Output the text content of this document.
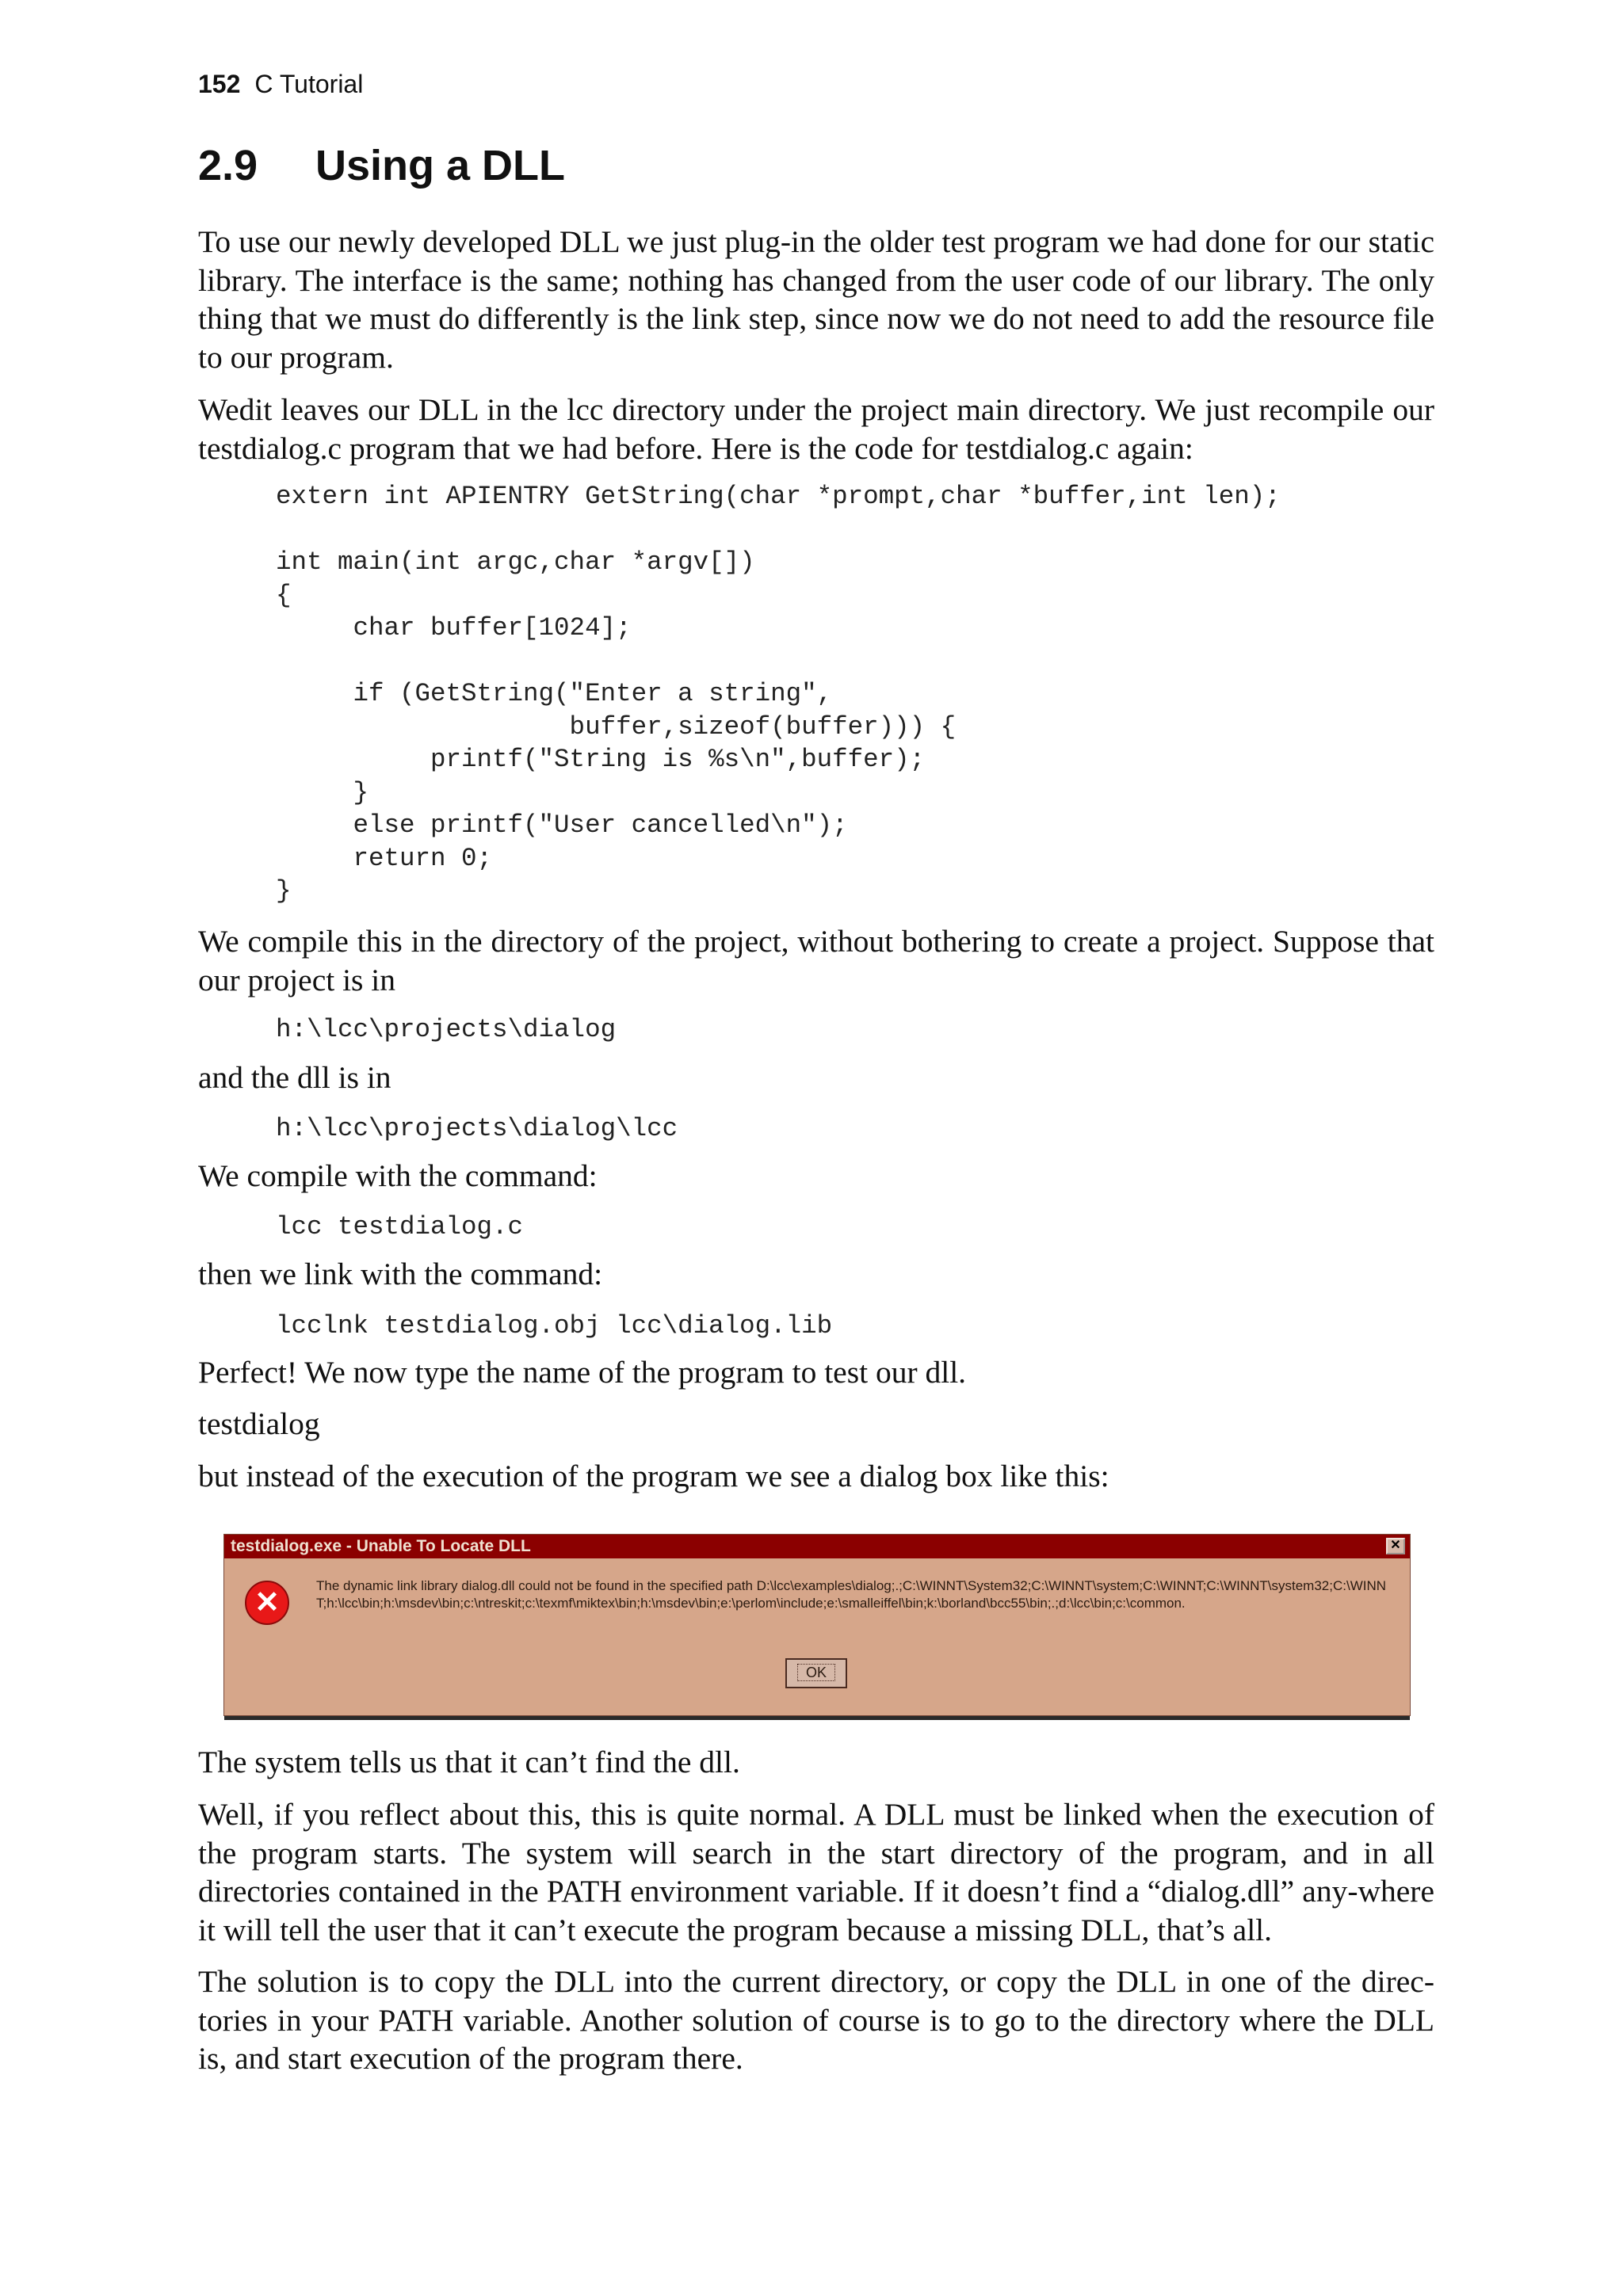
152 C Tutorial
2.9 Using a DLL

To use our newly developed DLL we just plug-in the older test program we had done for our static library. The interface is the same; nothing has changed from the user code of our library. The only thing that we must do differently is the link step, since now we do not need to add the resource file to our program.

Wedit leaves our DLL in the lcc directory under the project main directory. We just recompile our testdialog.c program that we had before. Here is the code for testdialog.c again:

extern int APIENTRY GetString(char *prompt,char *buffer,int len);

int main(int argc,char *argv[])
{
char buffer[1024];

if (GetString("Enter a string",
buffer,sizeof(buffer))) {
printf("String is %s\n",buffer);
}
else printf("User cancelled\n");
return 0;
}

We compile this in the directory of the project, without bothering to create a project. Suppose that our project is in

h:\lcc\projects\dialog

and the dll is in

h:\lcc\projects\dialog\lcc

We compile with the command:

lcc testdialog.c

then we link with the command:

lcclnk testdialog.obj lcc\dialog.lib

Perfect! We now type the name of the program to test our dll.

testdialog

but instead of the execution of the program we see a dialog box like this:

testdialog.exe - Unable To Locate DLL	✕
✕
The dynamic link library dialog.dll could not be found in the specified path D:\lcc\examples\dialog;.;C:\WINNT\System32;C:\WINNT\system;C:\WINNT;C:\WINNT\system32;C:\WINNT;h:\lcc\bin;h:\msdev\bin;c:\ntreskit;c:\texmf\miktex\bin;h:\msdev\bin;e:\perlom\include;e:\smalleiffel\bin;k:\borland\bcc55\bin;.;d:\lcc\bin;c:\common.
OK

The system tells us that it can’t find the dll.

Well, if you reflect about this, this is quite normal. A DLL must be linked when the execution of the program starts. The system will search in the start directory of the program, and in all directories contained in the PATH environment variable. If it doesn’t find a “dialog.dll” any-where it will tell the user that it can’t execute the program because a missing DLL, that’s all.

The solution is to copy the DLL into the current directory, or copy the DLL in one of the direc-tories in your PATH variable. Another solution of course is to go to the directory where the DLL is, and start execution of the program there.
